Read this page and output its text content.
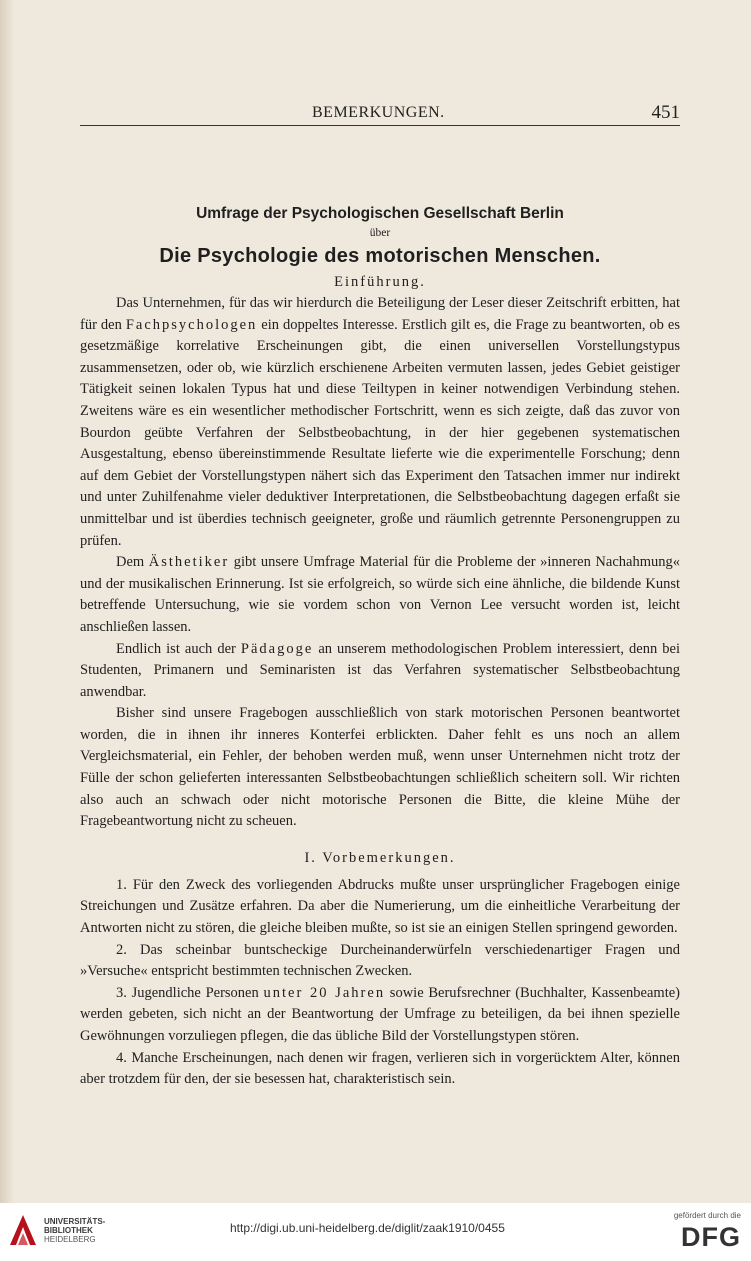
BEMERKUNGEN.	451
Umfrage der Psychologischen Gesellschaft Berlin
über
Die Psychologie des motorischen Menschen.
Einführung.

Das Unternehmen, für das wir hierdurch die Beteiligung der Leser dieser Zeitschrift erbitten, hat für den Fachpsychologen ein doppeltes Interesse. Erstlich gilt es, die Frage zu beantworten, ob es gesetzmäßige korrelative Erscheinungen gibt, die einen universellen Vorstellungstypus zusammensetzen, oder ob, wie kürzlich erschienene Arbeiten vermuten lassen, jedes Gebiet geistiger Tätigkeit seinen lokalen Typus hat und diese Teiltypen in keiner notwendigen Verbindung stehen. Zweitens wäre es ein wesentlicher methodischer Fortschritt, wenn es sich zeigte, daß das zuvor von Bourdon geübte Verfahren der Selbstbeobachtung, in der hier gegebenen systematischen Ausgestaltung, ebenso übereinstimmende Resultate lieferte wie die experimentelle Forschung; denn auf dem Gebiet der Vorstellungstypen nähert sich das Experiment den Tatsachen immer nur indirekt und unter Zuhilfenahme vieler deduktiver Interpretationen, die Selbstbeobachtung dagegen erfaßt sie unmittelbar und ist überdies technisch geeigneter, große und räumlich getrennte Personengruppen zu prüfen.

Dem Ästhetiker gibt unsere Umfrage Material für die Probleme der »inneren Nachahmung« und der musikalischen Erinnerung. Ist sie erfolgreich, so würde sich eine ähnliche, die bildende Kunst betreffende Untersuchung, wie sie vordem schon von Vernon Lee versucht worden ist, leicht anschließen lassen.

Endlich ist auch der Pädagoge an unserem methodologischen Problem interessiert, denn bei Studenten, Primanern und Seminaristen ist das Verfahren systematischer Selbstbeobachtung anwendbar.

Bisher sind unsere Fragebogen ausschließlich von stark motorischen Personen beantwortet worden, die in ihnen ihr inneres Konterfei erblickten. Daher fehlt es uns noch an allem Vergleichsmaterial, ein Fehler, der behoben werden muß, wenn unser Unternehmen nicht trotz der Fülle der schon gelieferten interessanten Selbstbeobachtungen schließlich scheitern soll. Wir richten also auch an schwach oder nicht motorische Personen die Bitte, die kleine Mühe der Fragebeantwortung nicht zu scheuen.

I. Vorbemerkungen.

1. Für den Zweck des vorliegenden Abdrucks mußte unser ursprünglicher Fragebogen einige Streichungen und Zusätze erfahren. Da aber die Numerierung, um die einheitliche Verarbeitung der Antworten nicht zu stören, die gleiche bleiben mußte, so ist sie an einigen Stellen springend geworden.

2. Das scheinbar buntscheckige Durcheinanderwürfeln verschiedenartiger Fragen und »Versuche« entspricht bestimmten technischen Zwecken.

3. Jugendliche Personen unter 20 Jahren sowie Berufsrechner (Buchhalter, Kassenbeamte) werden gebeten, sich nicht an der Beantwortung der Umfrage zu beteiligen, da bei ihnen spezielle Gewöhnungen vorzuliegen pflegen, die das übliche Bild der Vorstellungstypen stören.

4. Manche Erscheinungen, nach denen wir fragen, verlieren sich in vorgerücktem Alter, können aber trotzdem für den, der sie besessen hat, charakteristisch sein.

UNIVERSITÄTS-
BIBLIOTHEK
HEIDELBERG
http://digi.ub.uni-heidelberg.de/diglit/zaak1910/0455
gefördert durch die
DFG
